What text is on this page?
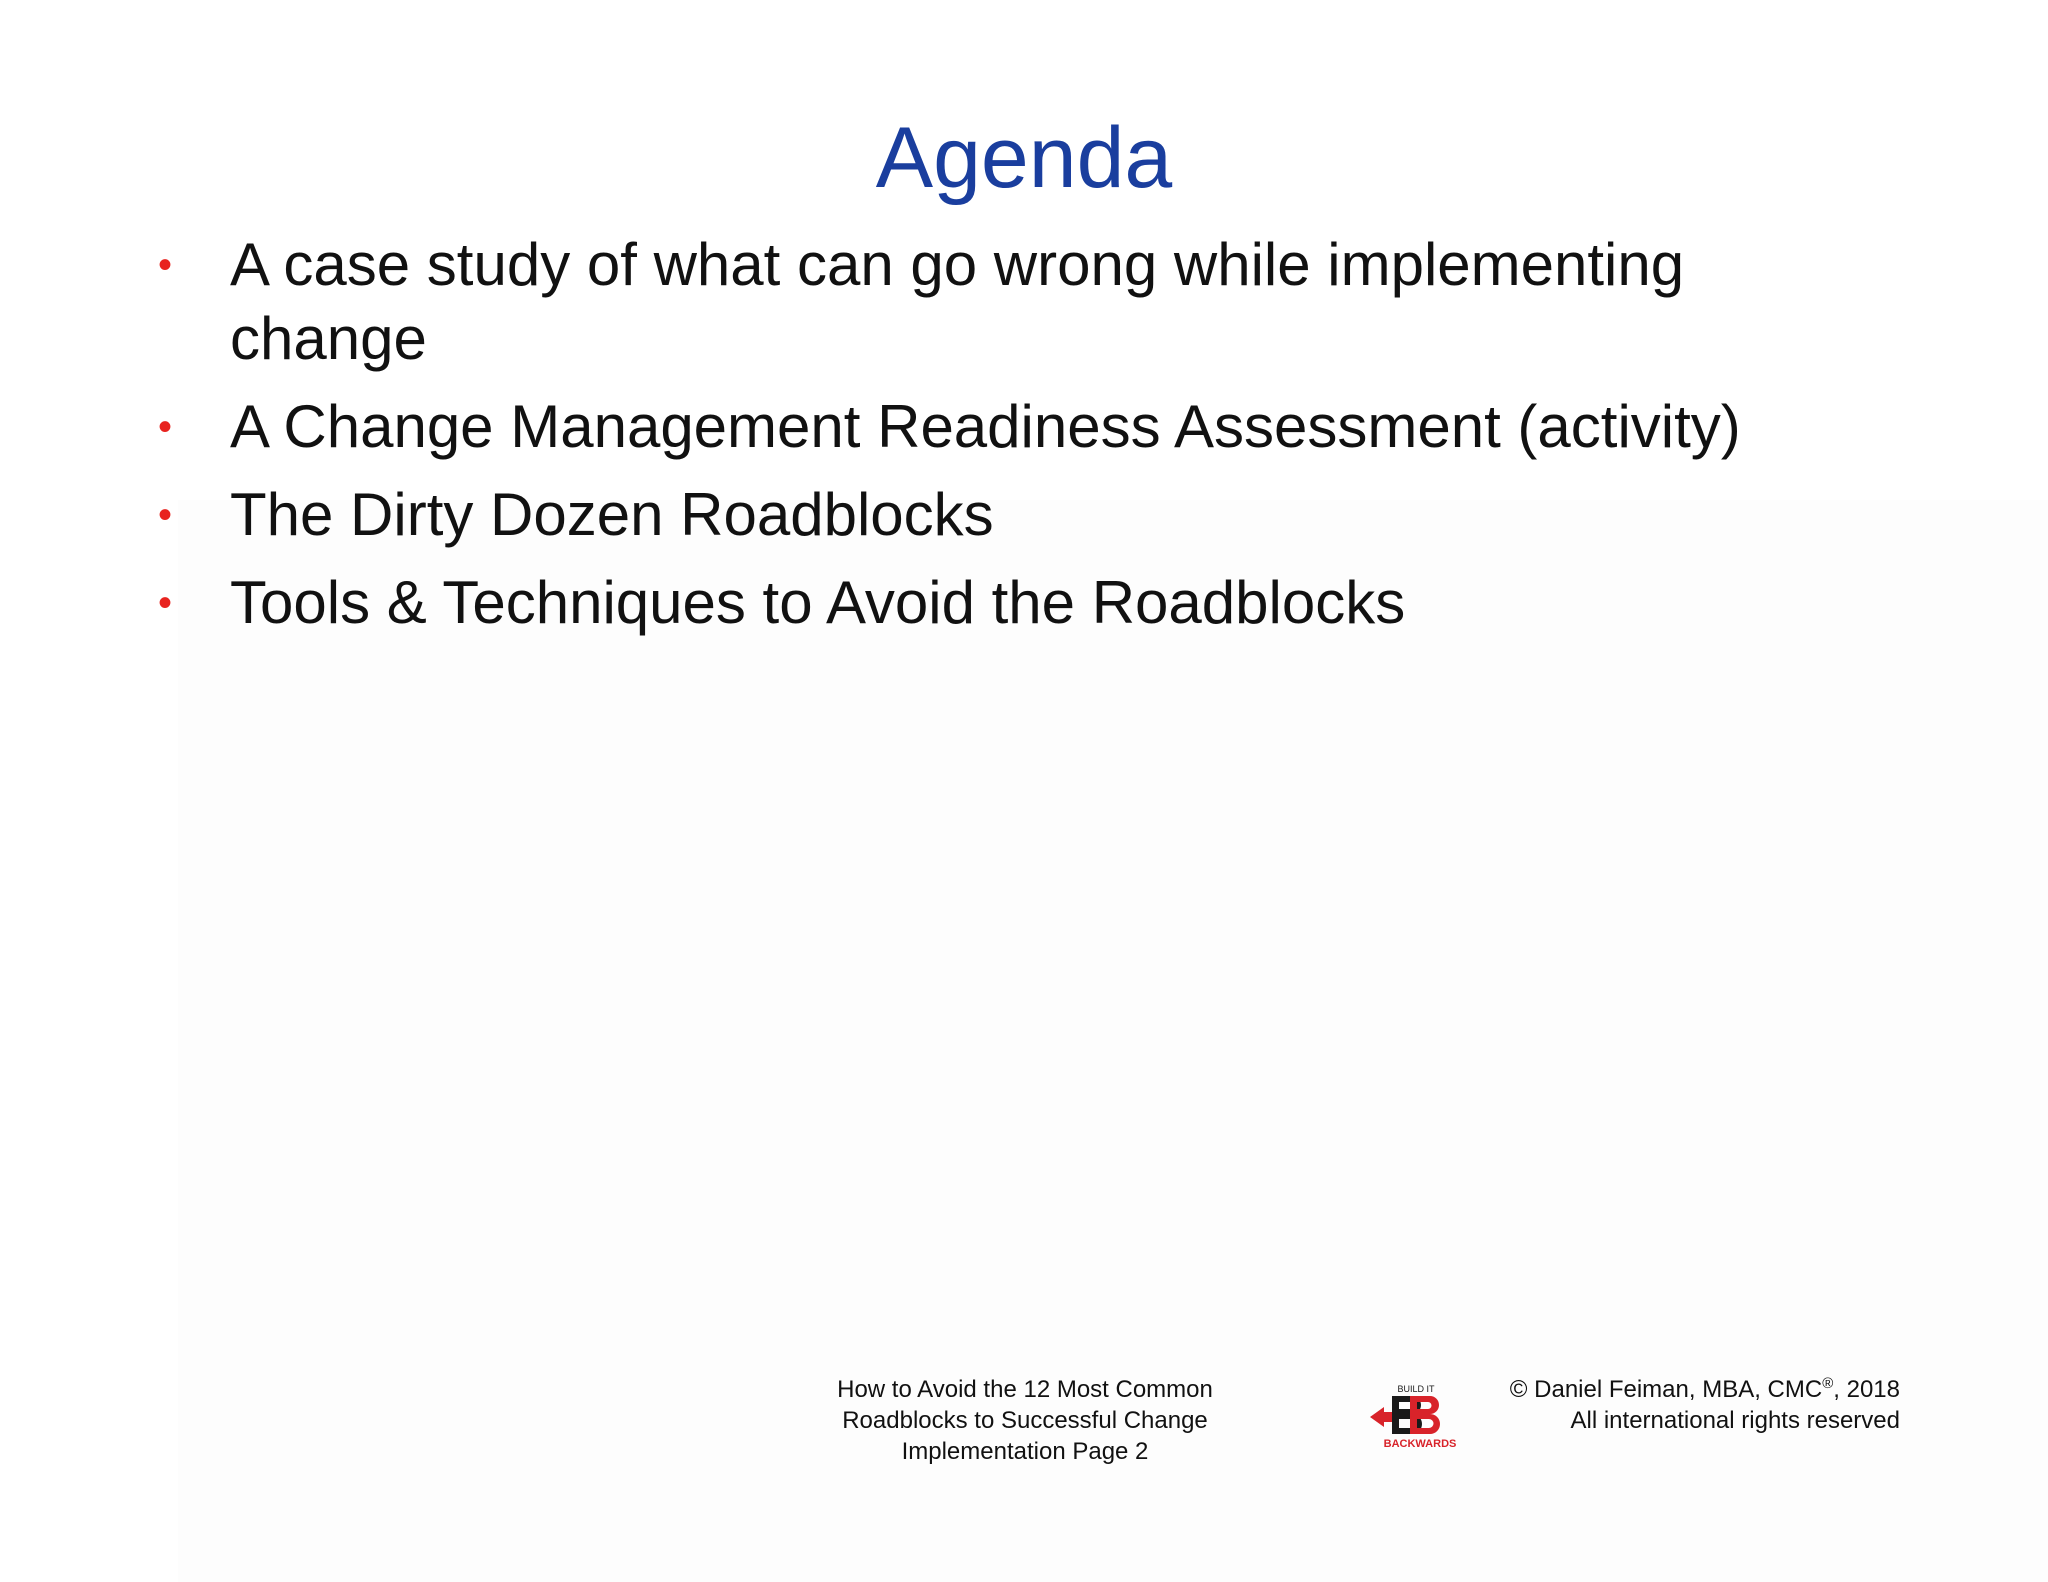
Agenda
• A case study of what can go wrong while implementing change
• A Change Management Readiness Assessment (activity)
• The Dirty Dozen Roadblocks
• Tools & Techniques to Avoid the Roadblocks
How to Avoid the 12 Most Common
Roadblocks to Successful Change
Implementation Page 2
BUILD IT
BACKWARDS
© Daniel Feiman, MBA, CMC®, 2018
All international rights reserved
